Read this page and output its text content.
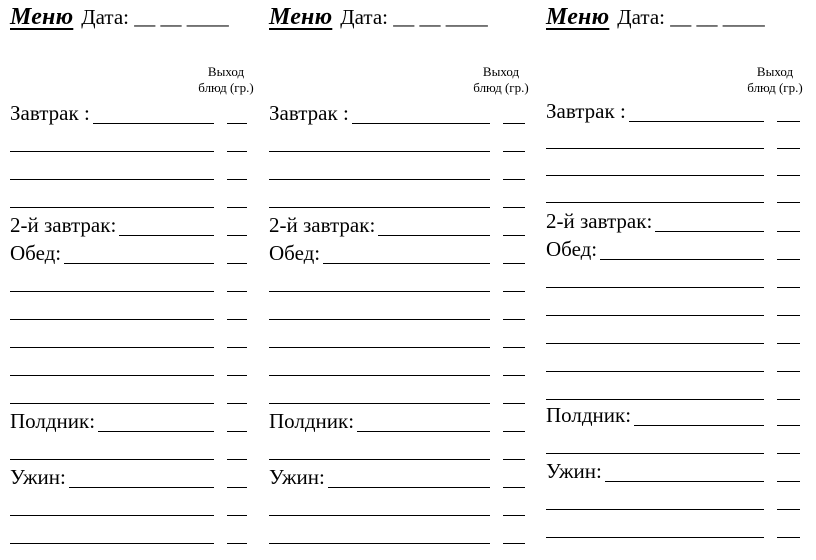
Меню Дата: __ __ ____
Выход
блюд (гр.)
Завтрак :
2-й завтрак:
Обед:
Полдник:
Ужин:
Меню Дата: __ __ ____
Выход
блюд (гр.)
Завтрак :
2-й завтрак:
Обед:
Полдник:
Ужин:
Меню Дата: __ __ ____
Выход
блюд (гр.)
Завтрак :
2-й завтрак:
Обед:
Полдник:
Ужин:
